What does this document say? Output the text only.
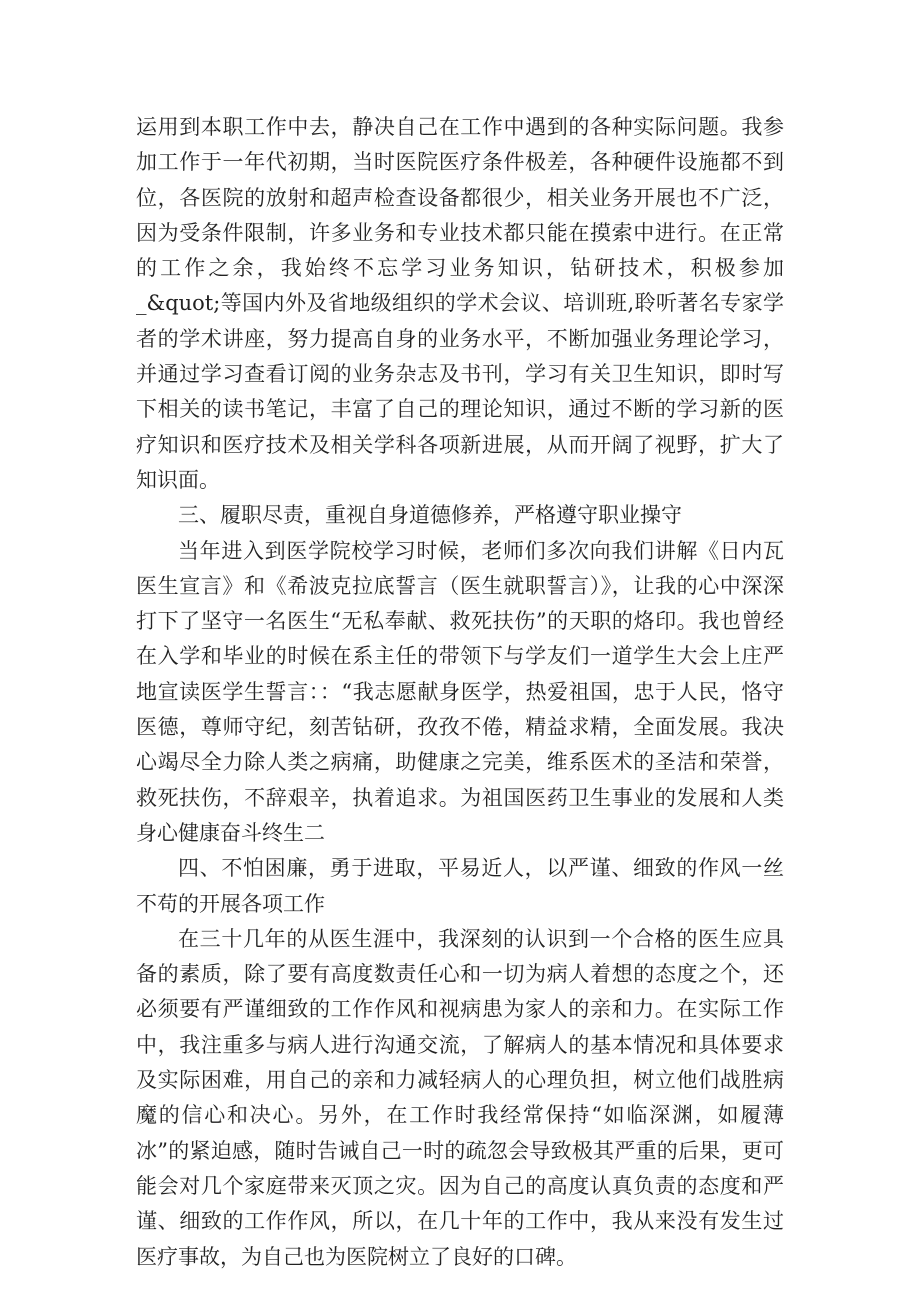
运用到本职工作中去，静决自己在工作中遇到的各种实际问题。我参加工作于一年代初期，当时医院医疗条件极差，各种硬件设施都不到位，各医院的放射和超声检查设备都很少，相关业务开展也不广泛，因为受条件限制，许多业务和专业技术都只能在摸索中进行。在正常的工作之余，我始终不忘学习业务知识，钻研技术，积极参加_&quot;等国内外及省地级组织的学术会议、培训班,聆听著名专家学者的学术讲座，努力提高自身的业务水平，不断加强业务理论学习，并通过学习查看订阅的业务杂志及书刊，学习有关卫生知识，即时写下相关的读书笔记，丰富了自己的理论知识，通过不断的学习新的医疗知识和医疗技术及相关学科各项新进展，从而开阔了视野，扩大了知识面。

三、履职尽责，重视自身道德修养，严格遵守职业操守

当年进入到医学院校学习时候，老师们多次向我们讲解《日内瓦医生宣言》和《希波克拉底誓言（医生就职誓言）》，让我的心中深深打下了坚守一名医生“无私奉献、救死扶伤”的天职的烙印。我也曾经在入学和毕业的时候在系主任的带领下与学友们一道学生大会上庄严地宣读医学生誓言：：“我志愿献身医学，热爱祖国，忠于人民，恪守医德，尊师守纪，刻苦钻研，孜孜不倦，精益求精，全面发展。我决心竭尽全力除人类之病痛，助健康之完美，维系医术的圣洁和荣誉，救死扶伤，不辞艰辛，执着追求。为祖国医药卫生事业的发展和人类身心健康奋斗终生二

四、不怕困廉，勇于进取，平易近人，以严谨、细致的作风一丝不苟的开展各项工作

在三十几年的从医生涯中，我深刻的认识到一个合格的医生应具备的素质，除了要有高度数责任心和一切为病人着想的态度之个，还必须要有严谨细致的工作作风和视病患为家人的亲和力。在实际工作中，我注重多与病人进行沟通交流，了解病人的基本情况和具体要求及实际困难，用自己的亲和力减轻病人的心理负担，树立他们战胜病魔的信心和决心。另外，在工作时我经常保持“如临深渊，如履薄冰”的紧迫感，随时告诫自己一时的疏忽会导致极其严重的后果，更可能会对几个家庭带来灭顶之灾。因为自己的高度认真负责的态度和严谨、细致的工作作风，所以，在几十年的工作中，我从来没有发生过医疗事故，为自己也为医院树立了良好的口碑。
